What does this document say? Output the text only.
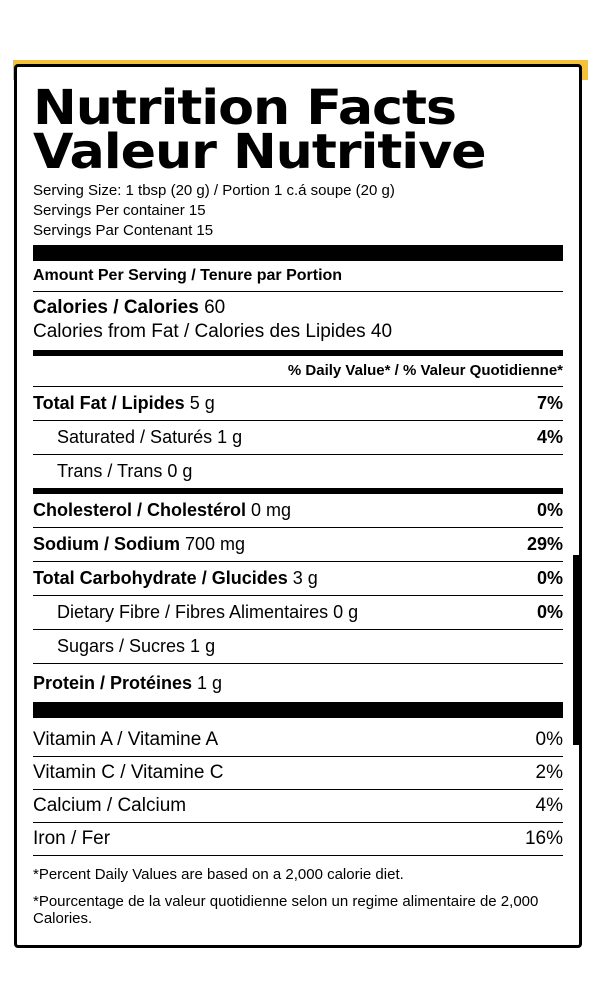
Nutrition Facts
Valeur Nutritive
Serving Size: 1 tbsp (20 g) / Portion 1 c.á soupe (20 g)
Servings Per container 15
Servings Par Contenant 15
Amount Per Serving / Tenure par Portion
Calories / Calories 60
Calories from Fat / Calories des Lipides 40
% Daily Value* / % Valeur Quotidienne*
Total Fat / Lipides 5 g	7%
Saturated / Saturés 1 g	4%
Trans / Trans 0 g
Cholesterol / Cholestérol 0 mg	0%
Sodium / Sodium 700 mg	29%
Total Carbohydrate / Glucides 3 g	0%
Dietary Fibre / Fibres Alimentaires 0 g	0%
Sugars / Sucres 1 g
Protein / Protéines 1 g
Vitamin A / Vitamine A	0%
Vitamin C / Vitamine C	2%
Calcium / Calcium	4%
Iron / Fer	16%

*Percent Daily Values are based on a 2,000 calorie diet.

*Pourcentage de la valeur quotidienne selon un regime alimentaire de 2,000 Calories.
